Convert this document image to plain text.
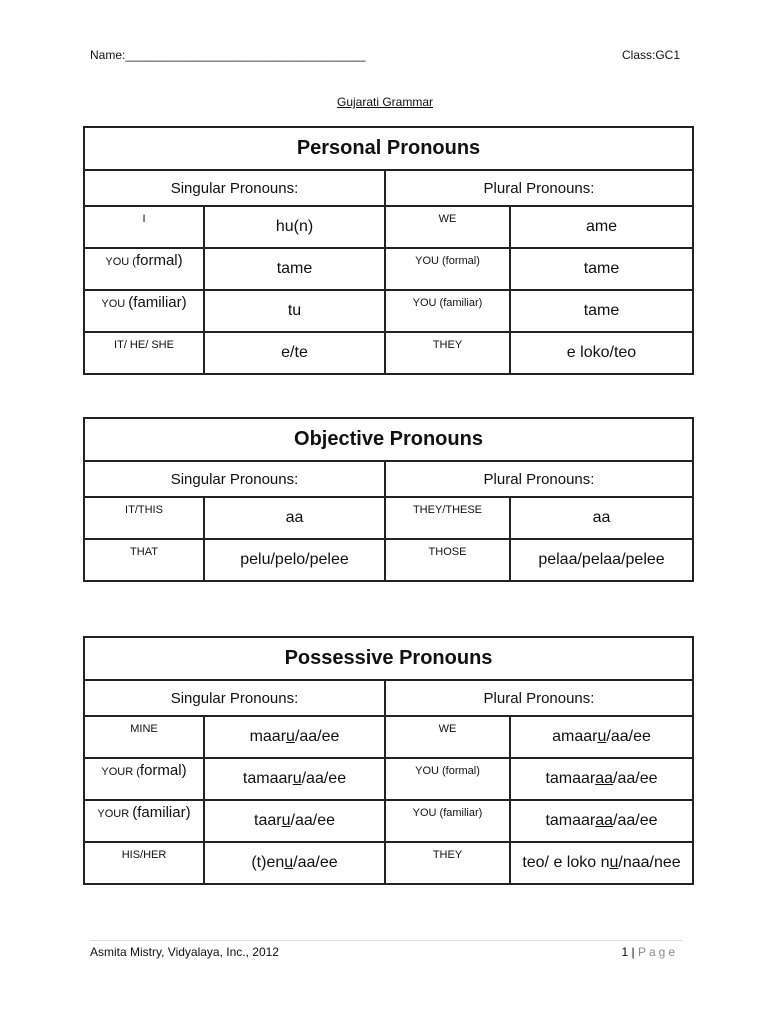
Name:____________________________________	Class:GC1
Gujarati Grammar
Personal Pronouns			
Singular Pronouns:		Plural Pronouns:	
I	hu(n)	WE	ame
YOU (formal)	tame	YOU (formal)	tame
YOU (familiar)	tu	YOU (familiar)	tame
IT/ HE/ SHE	e/te	THEY	e loko/teo
Objective Pronouns			
Singular Pronouns:		Plural Pronouns:	
IT/THIS	aa	THEY/THESE	aa
THAT	pelu/pelo/pelee	THOSE	pelaa/pelaa/pelee
Possessive Pronouns			
Singular Pronouns:		Plural Pronouns:	
MINE	maaru/aa/ee	WE	amaaru/aa/ee
YOUR (formal)	tamaaru/aa/ee	YOU (formal)	tamaaraa/aa/ee
YOUR (familiar)	taaru/aa/ee	YOU (familiar)	tamaaraa/aa/ee
HIS/HER	(t)enu/aa/ee	THEY	teo/ e loko nu/naa/nee
Asmita Mistry, Vidyalaya, Inc., 2012	1 | Page
